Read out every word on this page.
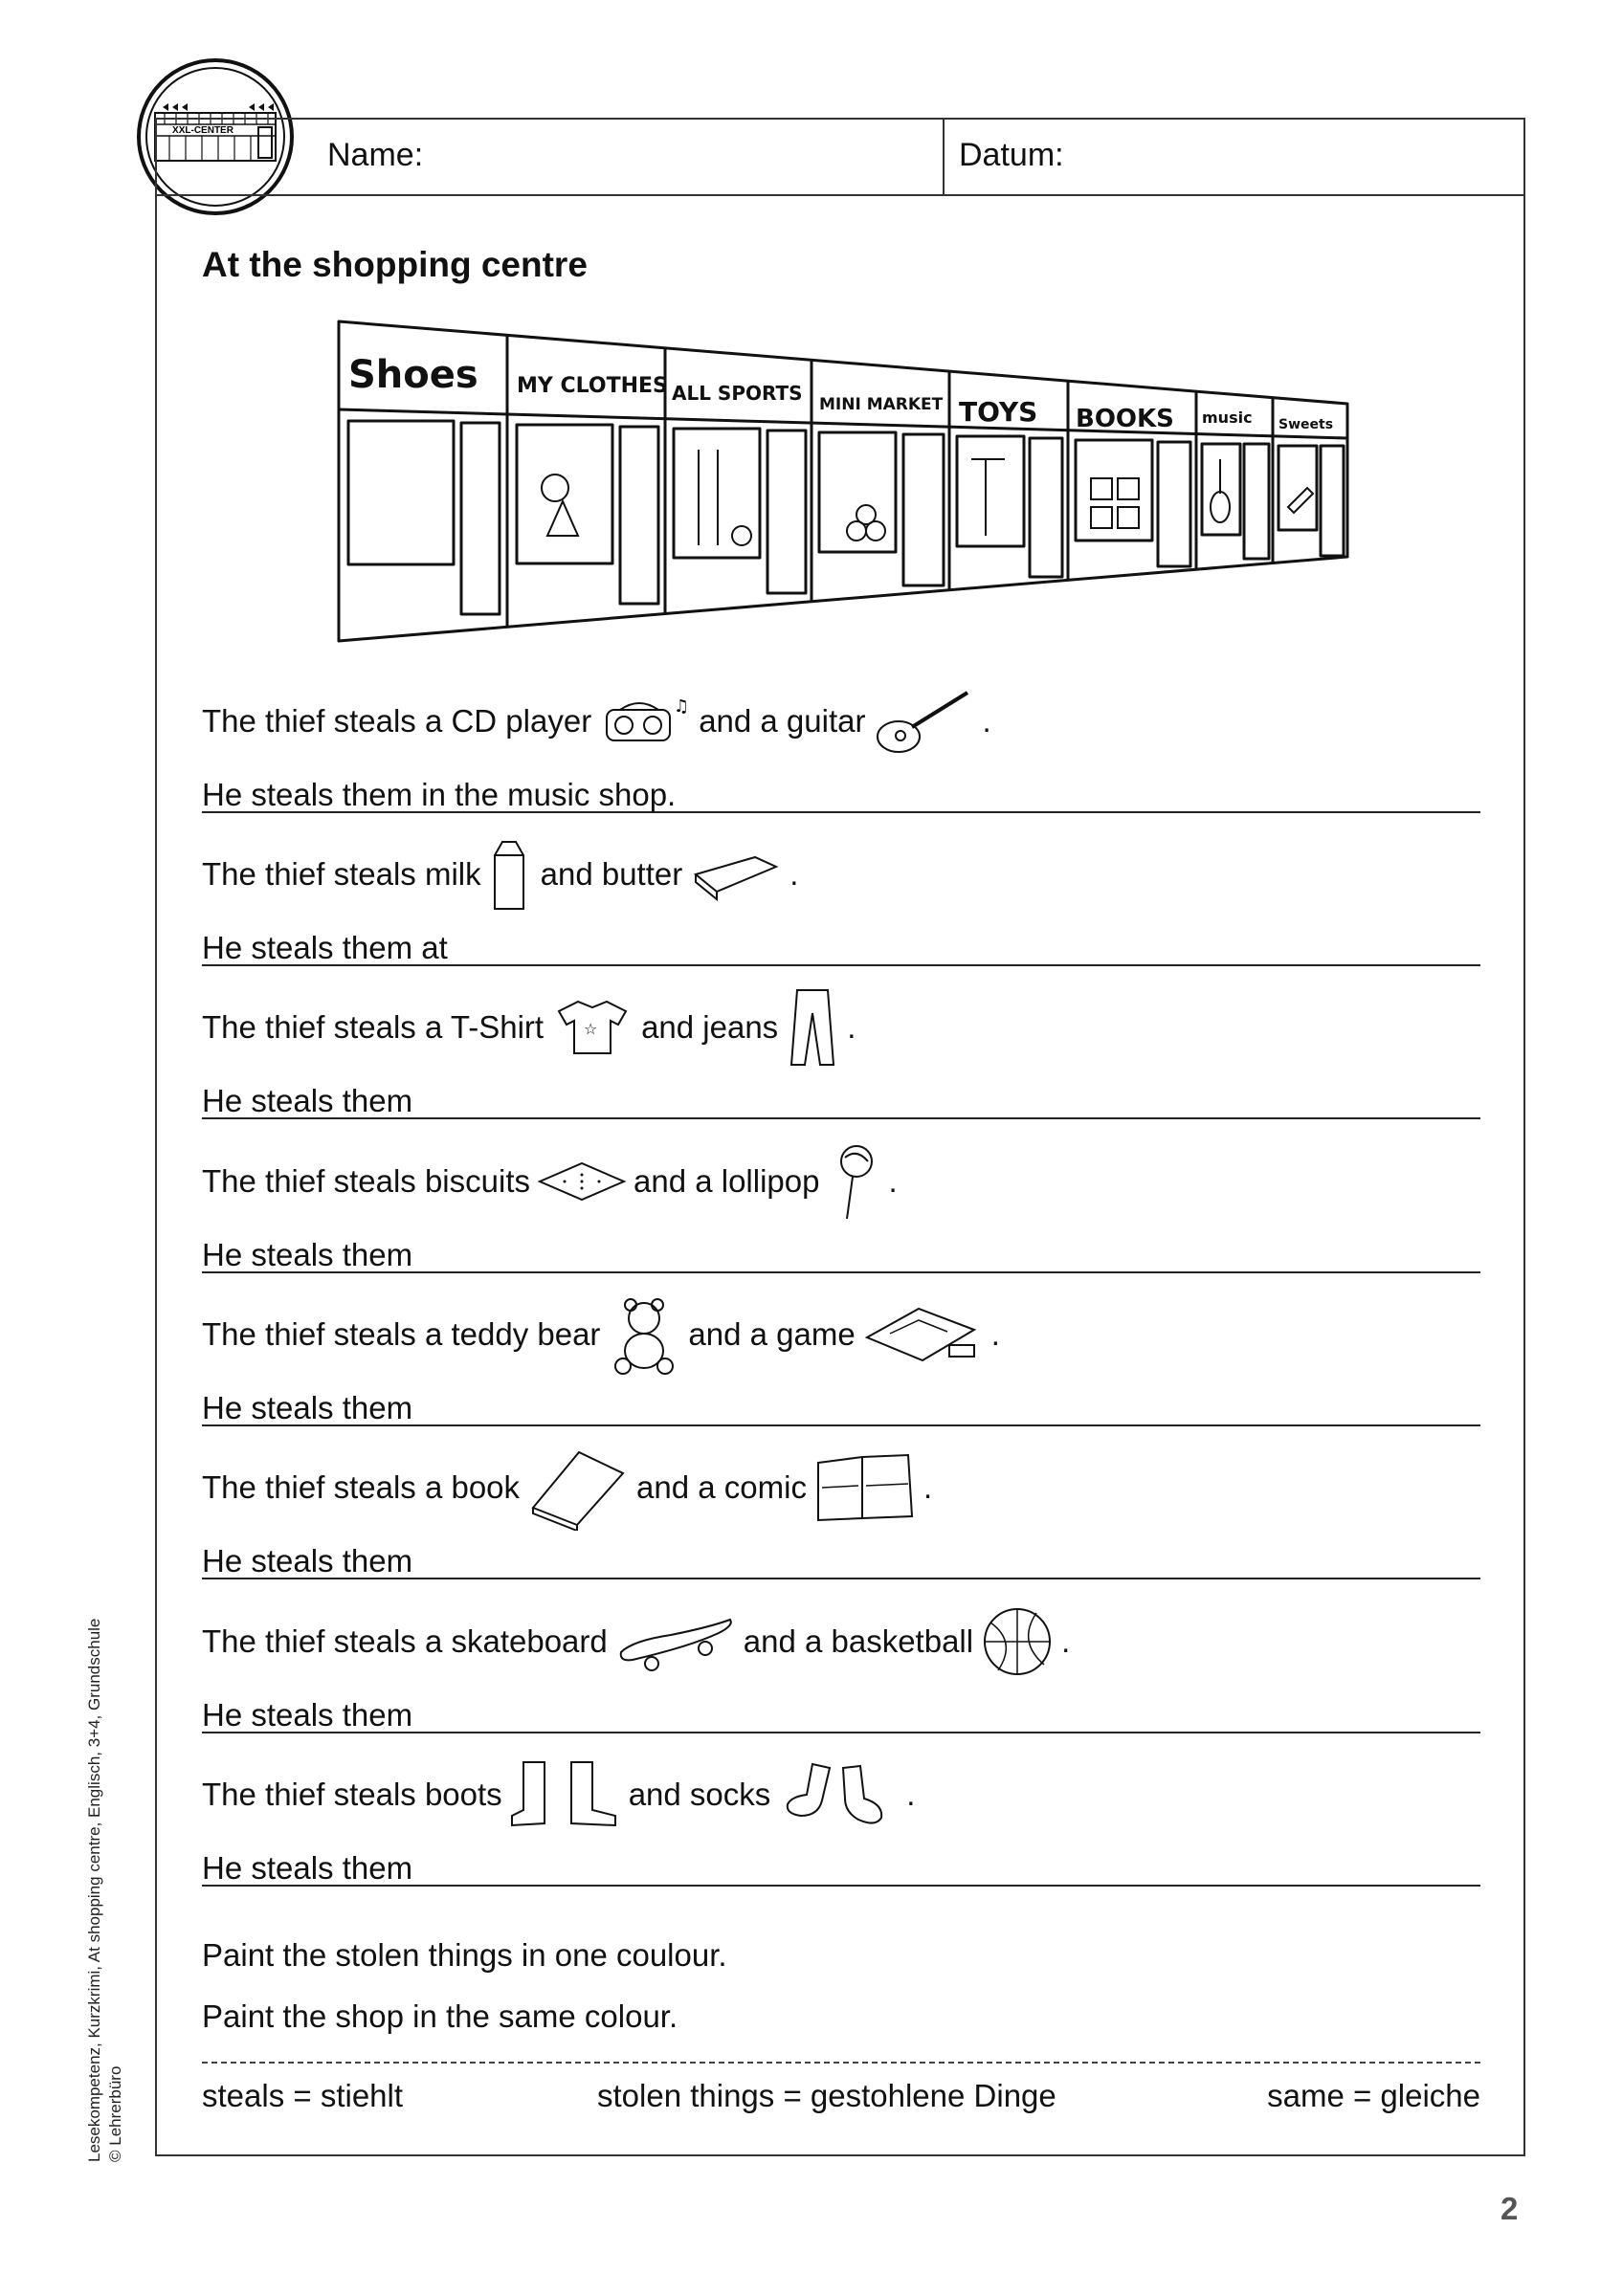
XXL-CENTER
Name:	Datum:
At the shopping centre
Shoes MY CLOTHES ALL SPORTS MINI MARKET TOYS BOOKS music Sweets
The thief steals a CD player	♫ and a guitar	.
He steals them in the music shop.
The thief steals milk and butter	.
He steals them at
The thief steals a T-Shirt	☆ and jeans .
He steals them
The thief steals biscuits	and a lollipop .
He steals them
The thief steals a teddy bear	and a game	.
He steals them
The thief steals a book	and a comic	.
He steals them
The thief steals a skateboard	and a basketball	.
He steals them
The thief steals boots	and socks	.
He steals them
Paint the stolen things in one coulour.
Paint the shop in the same colour.
steals = stiehlt	stolen things = gestohlene Dinge	same = gleiche
Lesekompetenz, Kurzkrimi, At shopping centre, Englisch, 3+4, Grundschule © Lehrerbüro
2
